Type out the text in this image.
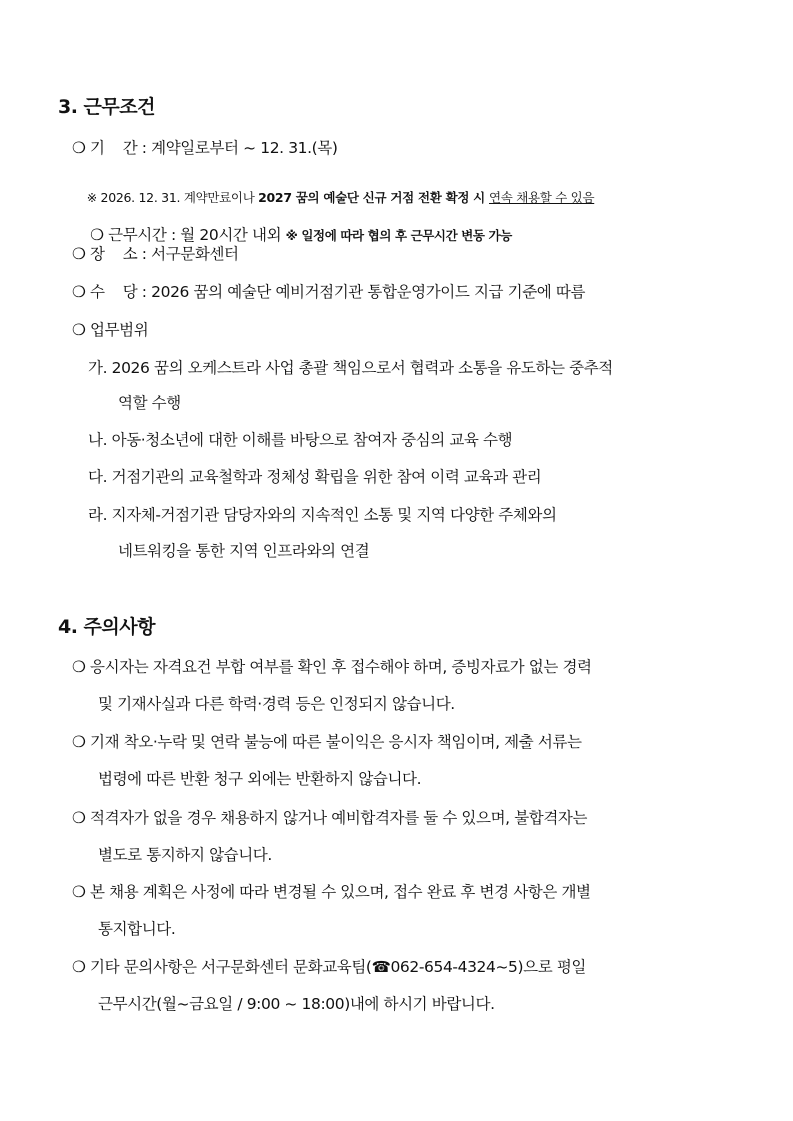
3. 근무조건
❍ 기    간 : 계약일로부터 ~ 12. 31.(목)

※ 2026. 12. 31. 계약만료이나 2027 꿈의 예술단 신규 거점 전환 확정 시 연속 채용할 수 있음

❍ 근무시간 : 월 20시간 내외 ※ 일정에 따라 협의 후 근무시간 변동 가능

❍ 장    소 : 서구문화센터
❍ 수    당 : 2026 꿈의 예술단 예비거점기관 통합운영가이드 지급 기준에 따름
❍ 업무범위
가. 2026 꿈의 오케스트라 사업 총괄 책임으로서 협력과 소통을 유도하는 중추적
역할 수행
나. 아동·청소년에 대한 이해를 바탕으로 참여자 중심의 교육 수행
다. 거점기관의 교육철학과 정체성 확립을 위한 참여 이력 교육과 관리
라. 지자체-거점기관 담당자와의 지속적인 소통 및 지역 다양한 주체와의
네트워킹을 통한 지역 인프라와의 연결
4. 주의사항
❍ 응시자는 자격요건 부합 여부를 확인 후 접수해야 하며, 증빙자료가 없는 경력
및 기재사실과 다른 학력·경력 등은 인정되지 않습니다.
❍ 기재 착오·누락 및 연락 불능에 따른 불이익은 응시자 책임이며, 제출 서류는
법령에 따른 반환 청구 외에는 반환하지 않습니다.
❍ 적격자가 없을 경우 채용하지 않거나 예비합격자를 둘 수 있으며, 불합격자는
별도로 통지하지 않습니다.
❍ 본 채용 계획은 사정에 따라 변경될 수 있으며, 접수 완료 후 변경 사항은 개별
통지합니다.
❍ 기타 문의사항은 서구문화센터 문화교육팀(☎062-654-4324~5)으로 평일
근무시간(월~금요일 / 9:00 ~ 18:00)내에 하시기 바랍니다.
